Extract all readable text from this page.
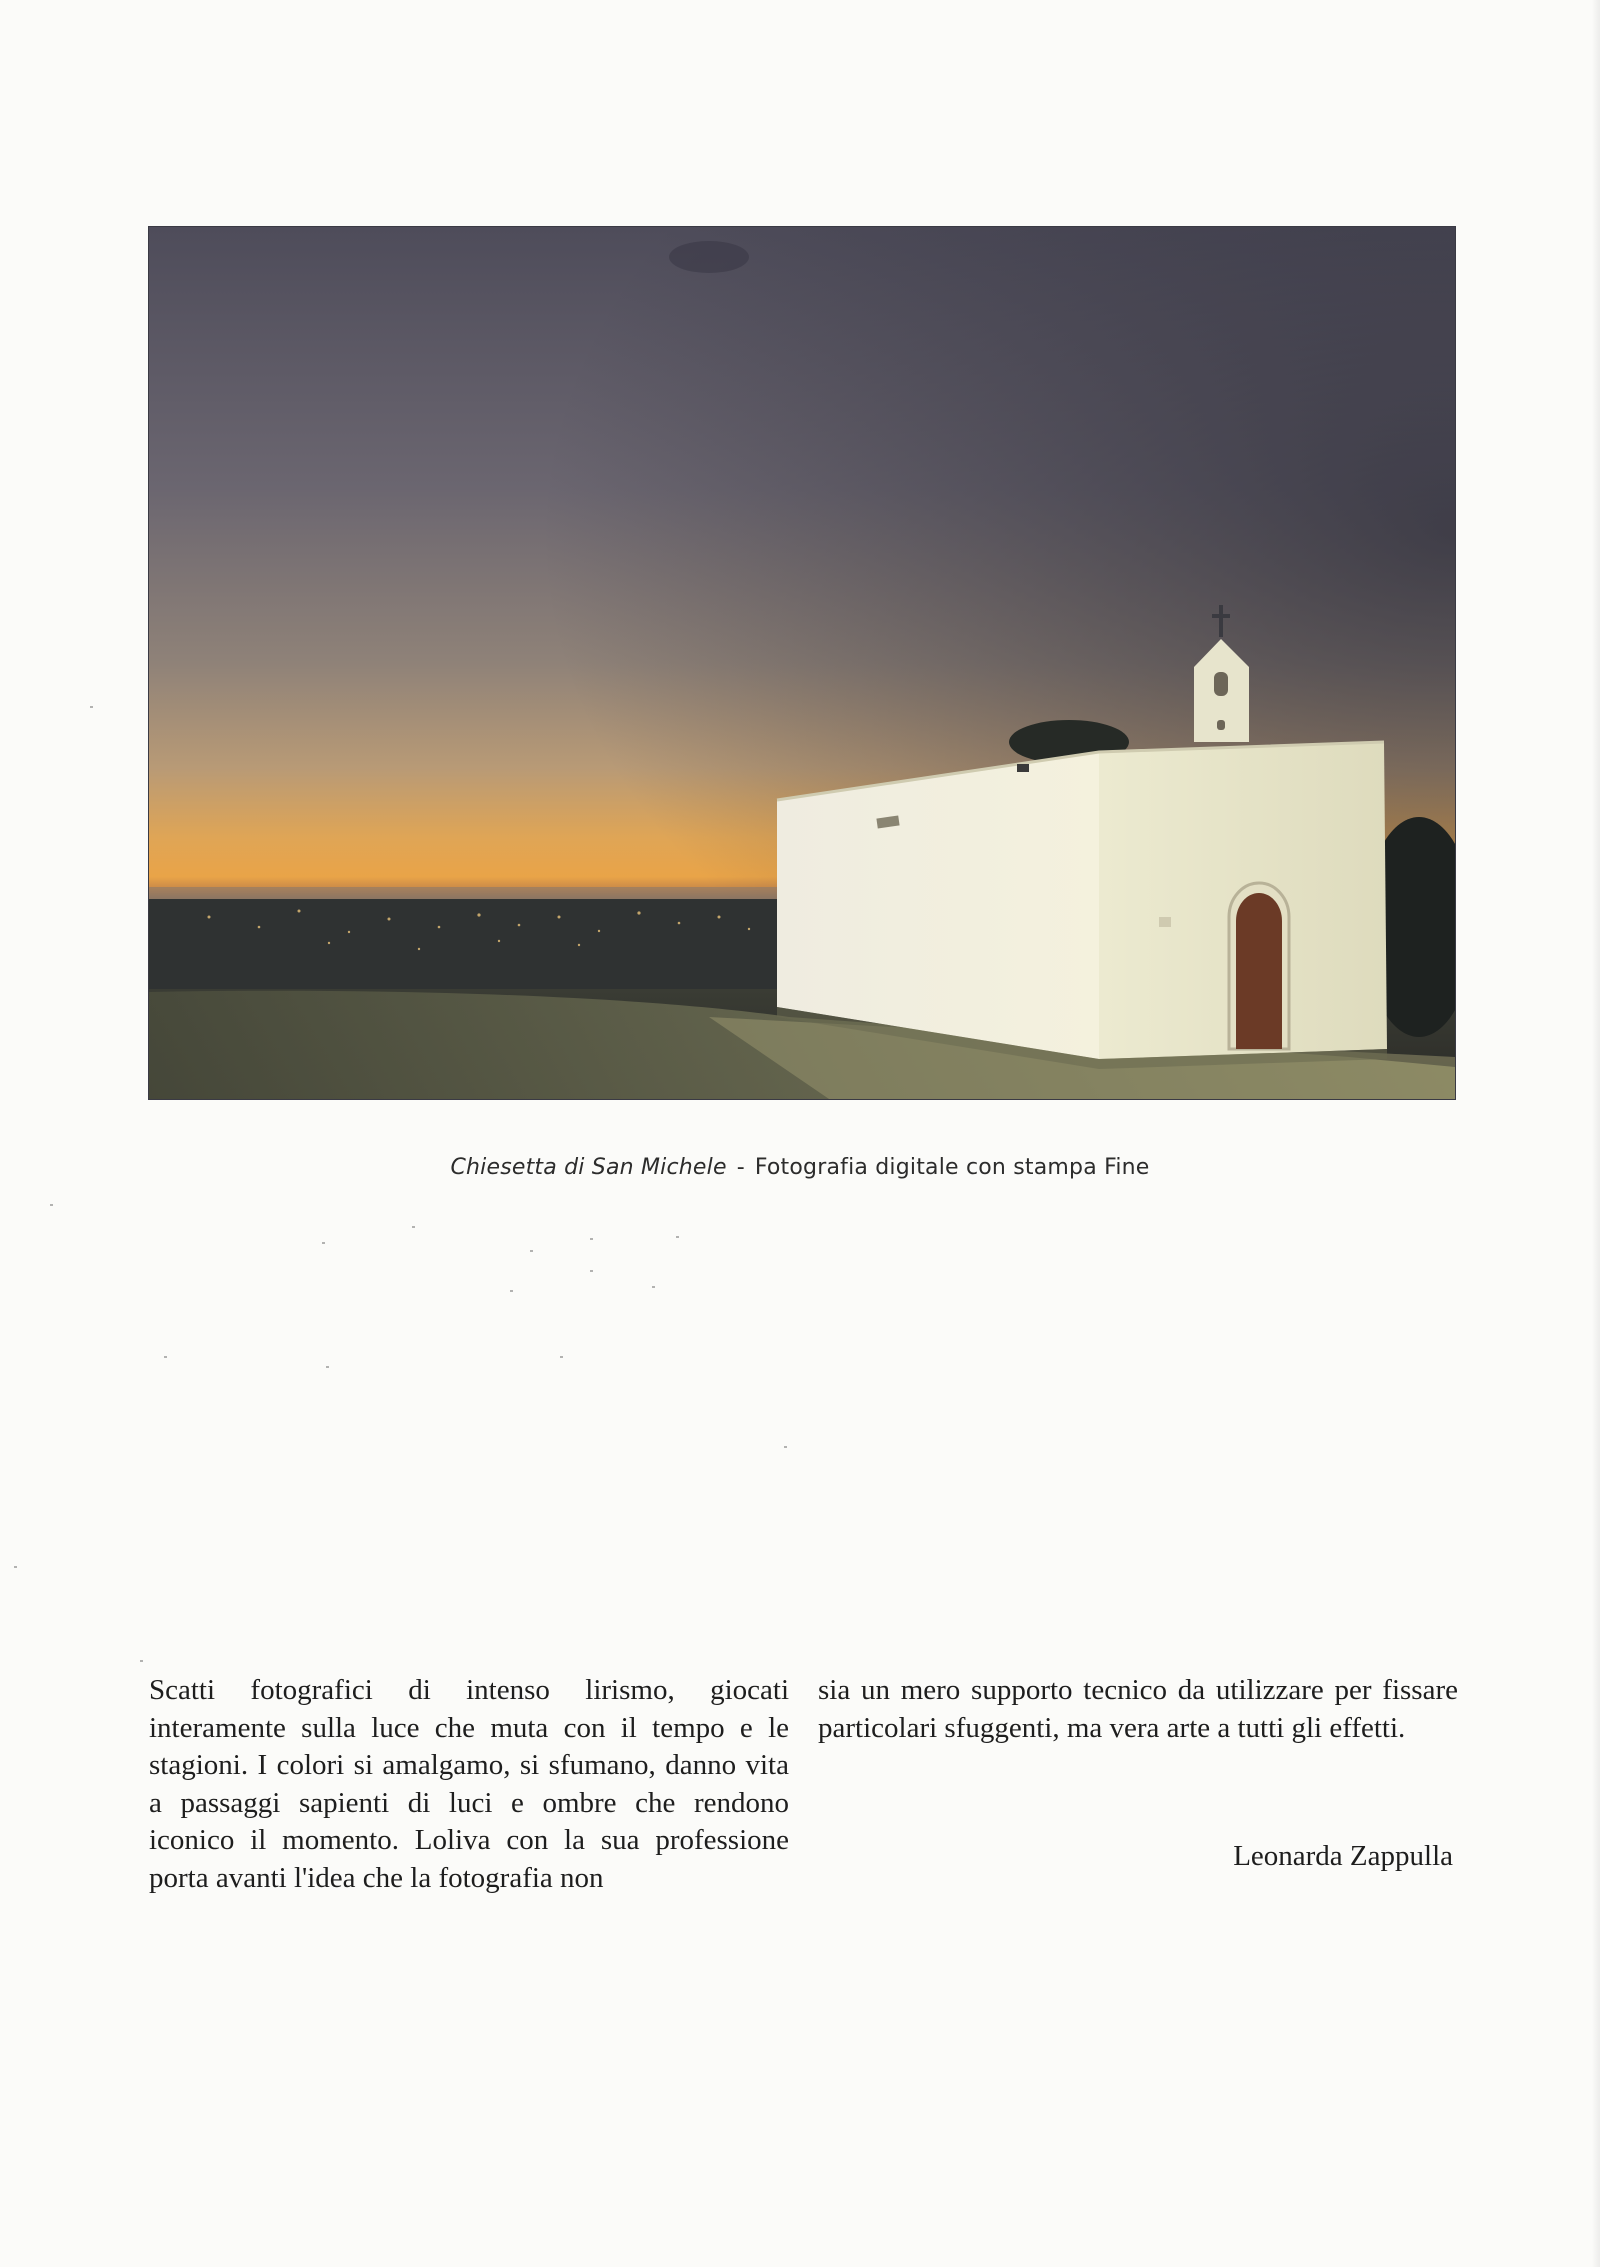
Chiesetta di San Michele - Fotografia digitale con stampa Fine

Scatti fotografici di intenso lirismo, giocati interamente sulla luce che muta con il tempo e le stagioni. I colori si amalgamo, si sfumano, danno vita a passaggi sapienti di luci e ombre che rendono iconico il momento. Loliva con la sua professione porta avanti l'idea che la fotografia non

sia un mero supporto tecnico da utilizzare per fissare particolari sfuggenti, ma vera arte a tutti gli effetti.

Leonarda Zappulla
